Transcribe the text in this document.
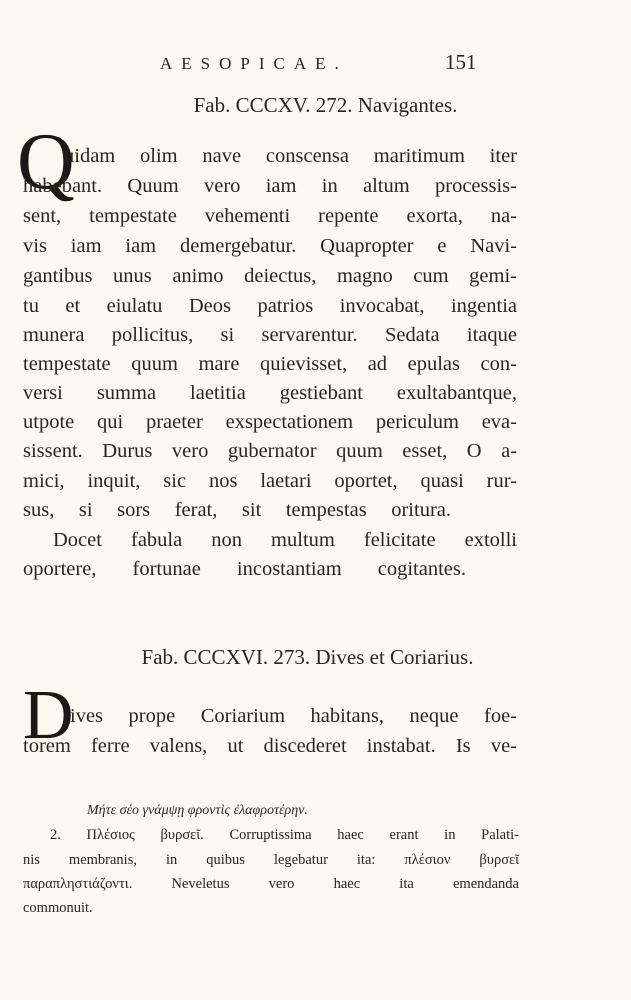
AESOPICAE.	151
Fab. CCCXV. 272. Navigantes.
Q
uidam olim nave conscensa maritimum iter
habebant. Quum vero iam in altum processis-
sent, tempestate vehementi repente exorta, na-
vis iam iam demergebatur. Quapropter e Navi-
gantibus unus animo deiectus, magno cum gemi-
tu et eiulatu Deos patrios invocabat, ingentia
munera pollicitus, si servarentur. Sedata itaque
tempestate quum mare quievisset, ad epulas con-
versi summa laetitia gestiebant exultabantque,
utpote qui praeter exspectationem periculum eva-
sissent. Durus vero gubernator quum esset, O a-
mici, inquit, sic nos laetari oportet, quasi rur-
sus, si sors ferat, sit tempestas oritura.
Docet fabula non multum felicitate extolli
oportere, fortunae incostantiam cogitantes.
Fab. CCCXVI. 273. Dives et Coriarius.
D
ives prope Coriarium habitans, neque foe-
torem ferre valens, ut discederet instabat. Is ve-
Μήτε σέο γνάμψῃ φροντὶς ἐλαφροτέρην.
2. Πλέσιος βυρσεῖ. Corruptissima haec erant in Palati-
nis membranis, in quibus legebatur ita: πλέσιον βυρσεῖ
παραπληστιάζοντι. Neveletus vero haec ita emendanda
commonuit.
